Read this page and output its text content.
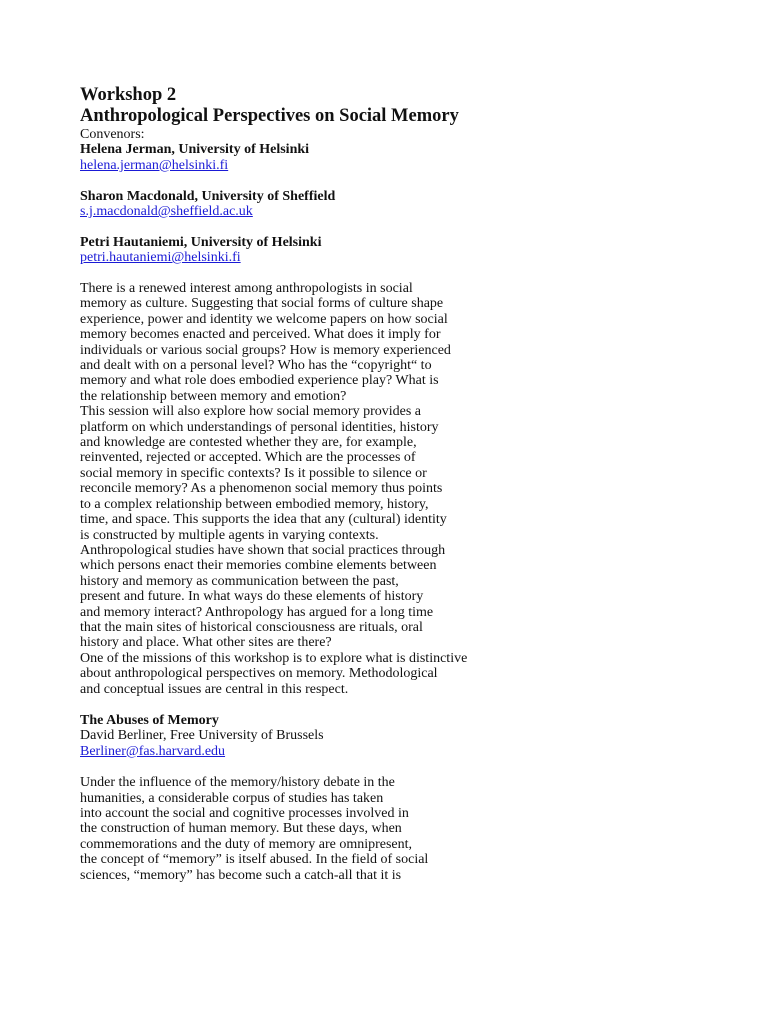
Workshop 2
Anthropological Perspectives on Social Memory
Convenors:
Helena Jerman, University of Helsinki
helena.jerman@helsinki.fi
Sharon Macdonald, University of Sheffield
s.j.macdonald@sheffield.ac.uk
Petri Hautaniemi, University of Helsinki
petri.hautaniemi@helsinki.fi
There is a renewed interest among anthropologists in social
memory as culture. Suggesting that social forms of culture shape
experience, power and identity we welcome papers on how social
memory becomes enacted and perceived. What does it imply for
individuals or various social groups? How is memory experienced
and dealt with on a personal level? Who has the “copyright“ to
memory and what role does embodied experience play? What is
the relationship between memory and emotion?
This session will also explore how social memory provides a
platform on which understandings of personal identities, history
and knowledge are contested whether they are, for example,
reinvented, rejected or accepted. Which are the processes of
social memory in specific contexts? Is it possible to silence or
reconcile memory? As a phenomenon social memory thus points
to a complex relationship between embodied memory, history,
time, and space. This supports the idea that any (cultural) identity
is constructed by multiple agents in varying contexts.
Anthropological studies have shown that social practices through
which persons enact their memories combine elements between
history and memory as communication between the past,
present and future. In what ways do these elements of history
and memory interact? Anthropology has argued for a long time
that the main sites of historical consciousness are rituals, oral
history and place. What other sites are there?
One of the missions of this workshop is to explore what is distinctive
about anthropological perspectives on memory. Methodological
and conceptual issues are central in this respect.
The Abuses of Memory
David Berliner, Free University of Brussels
Berliner@fas.harvard.edu
Under the influence of the memory/history debate in the
humanities, a considerable corpus of studies has taken
into account the social and cognitive processes involved in
the construction of human memory. But these days, when
commemorations and the duty of memory are omnipresent,
the concept of “memory” is itself abused. In the field of social
sciences, “memory” has become such a catch-all that it is
